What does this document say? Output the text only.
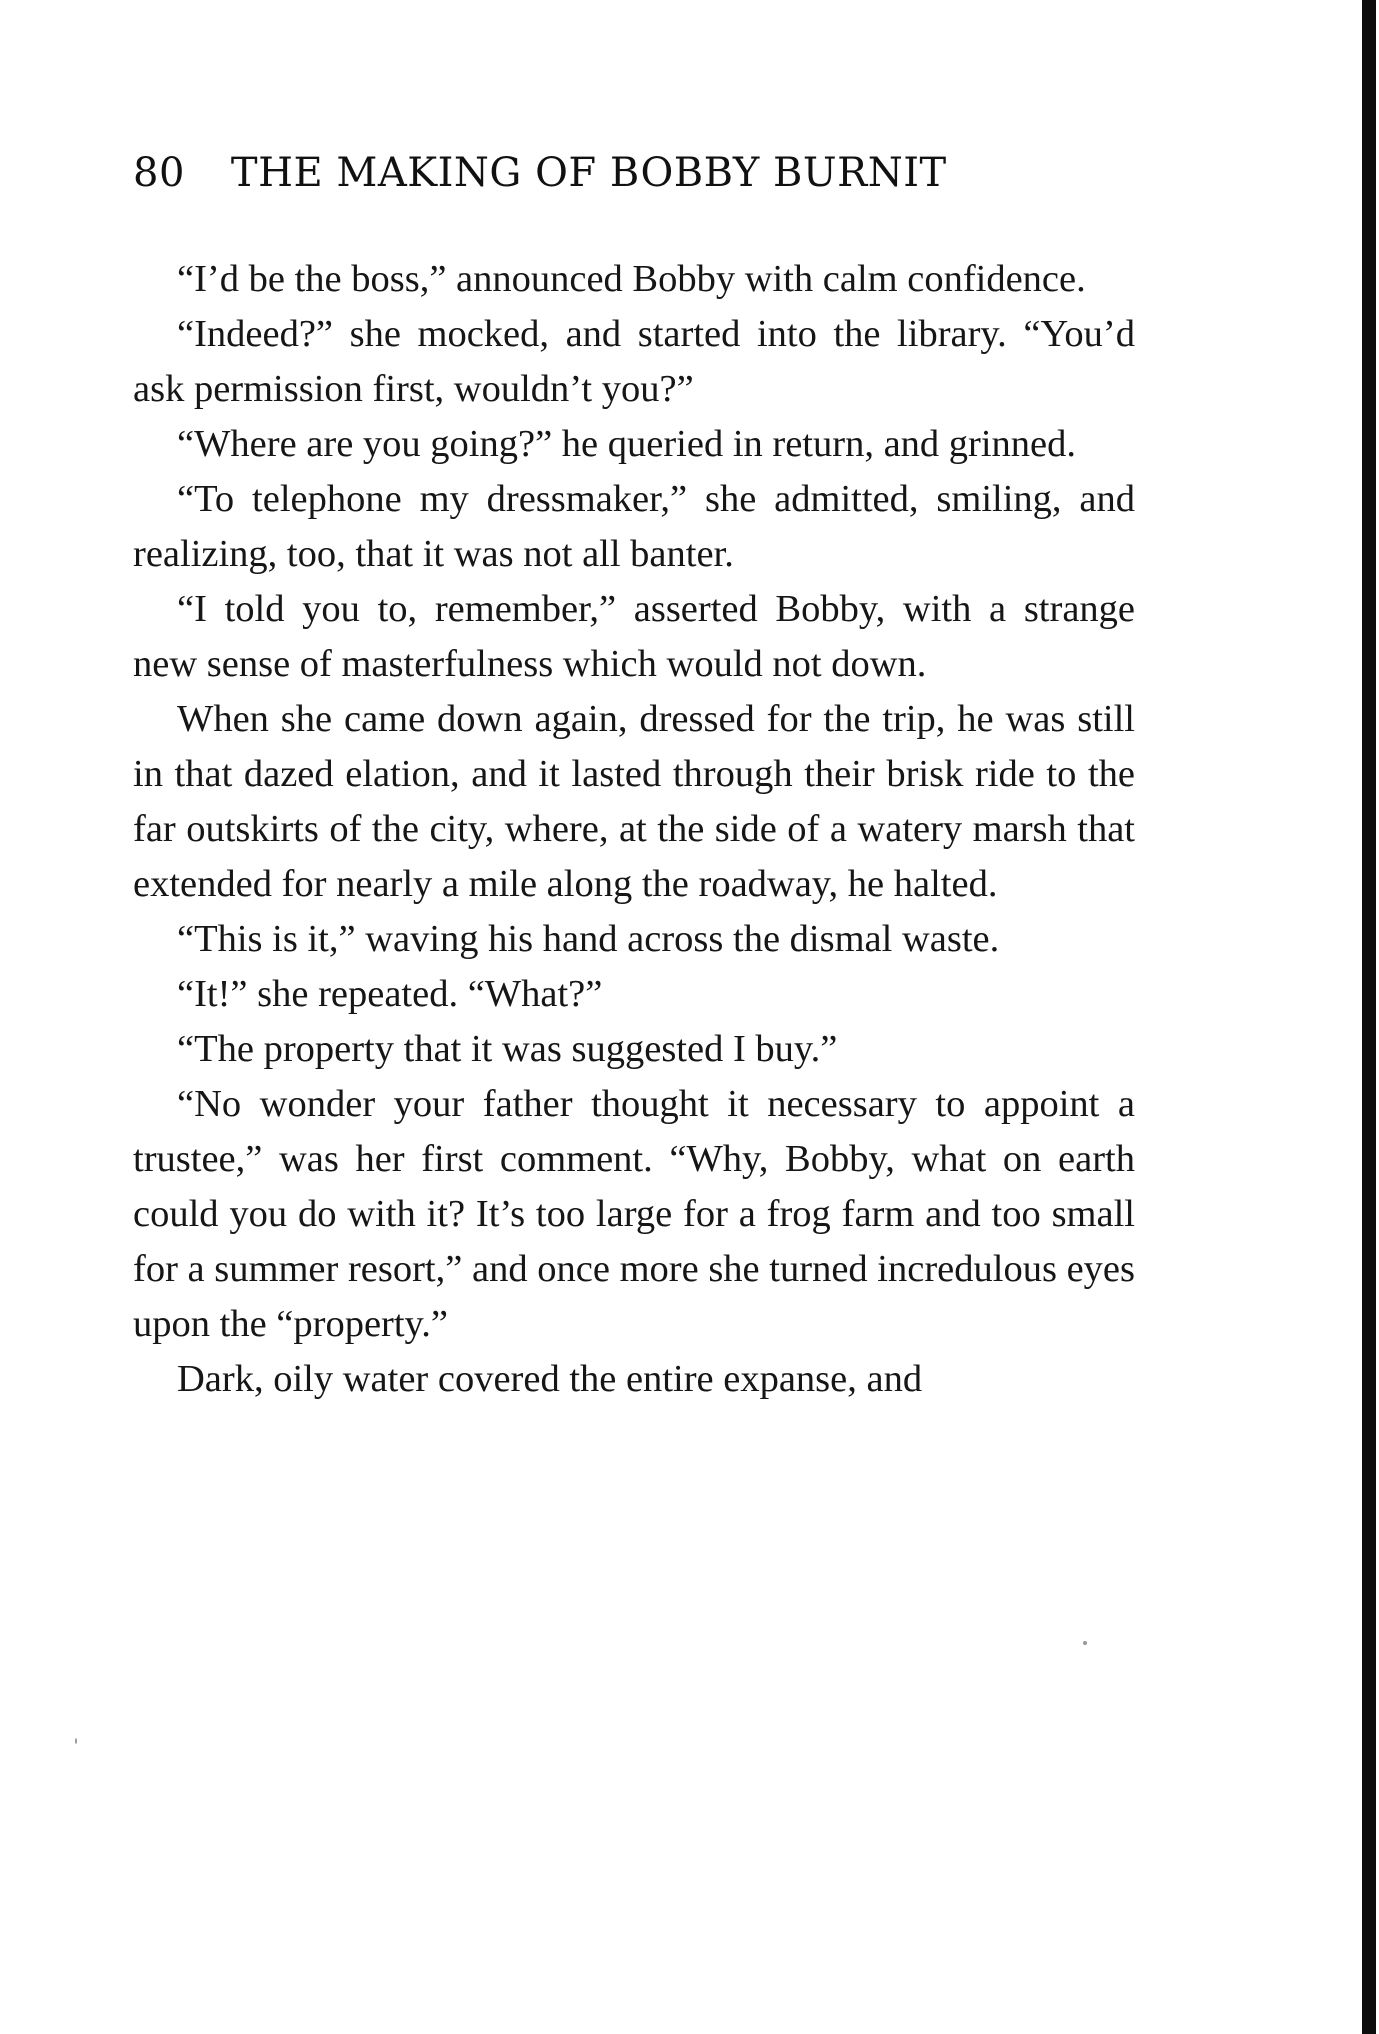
80 THE MAKING OF BOBBY BURNIT

“I’d be the boss,” announced Bobby with calm confidence.

“Indeed?” she mocked, and started into the library. “You’d ask permission first, wouldn’t you?”

“Where are you going?” he queried in return, and grinned.

“To telephone my dressmaker,” she admitted, smiling, and realizing, too, that it was not all banter.

“I told you to, remember,” asserted Bobby, with a strange new sense of masterfulness which would not down.

When she came down again, dressed for the trip, he was still in that dazed elation, and it lasted through their brisk ride to the far outskirts of the city, where, at the side of a watery marsh that extended for nearly a mile along the roadway, he halted.

“This is it,” waving his hand across the dismal waste.

“It!” she repeated. “What?”

“The property that it was suggested I buy.”

“No wonder your father thought it necessary to appoint a trustee,” was her first comment. “Why, Bobby, what on earth could you do with it? It’s too large for a frog farm and too small for a summer resort,” and once more she turned incredulous eyes upon the “property.”

Dark, oily water covered the entire expanse, and
